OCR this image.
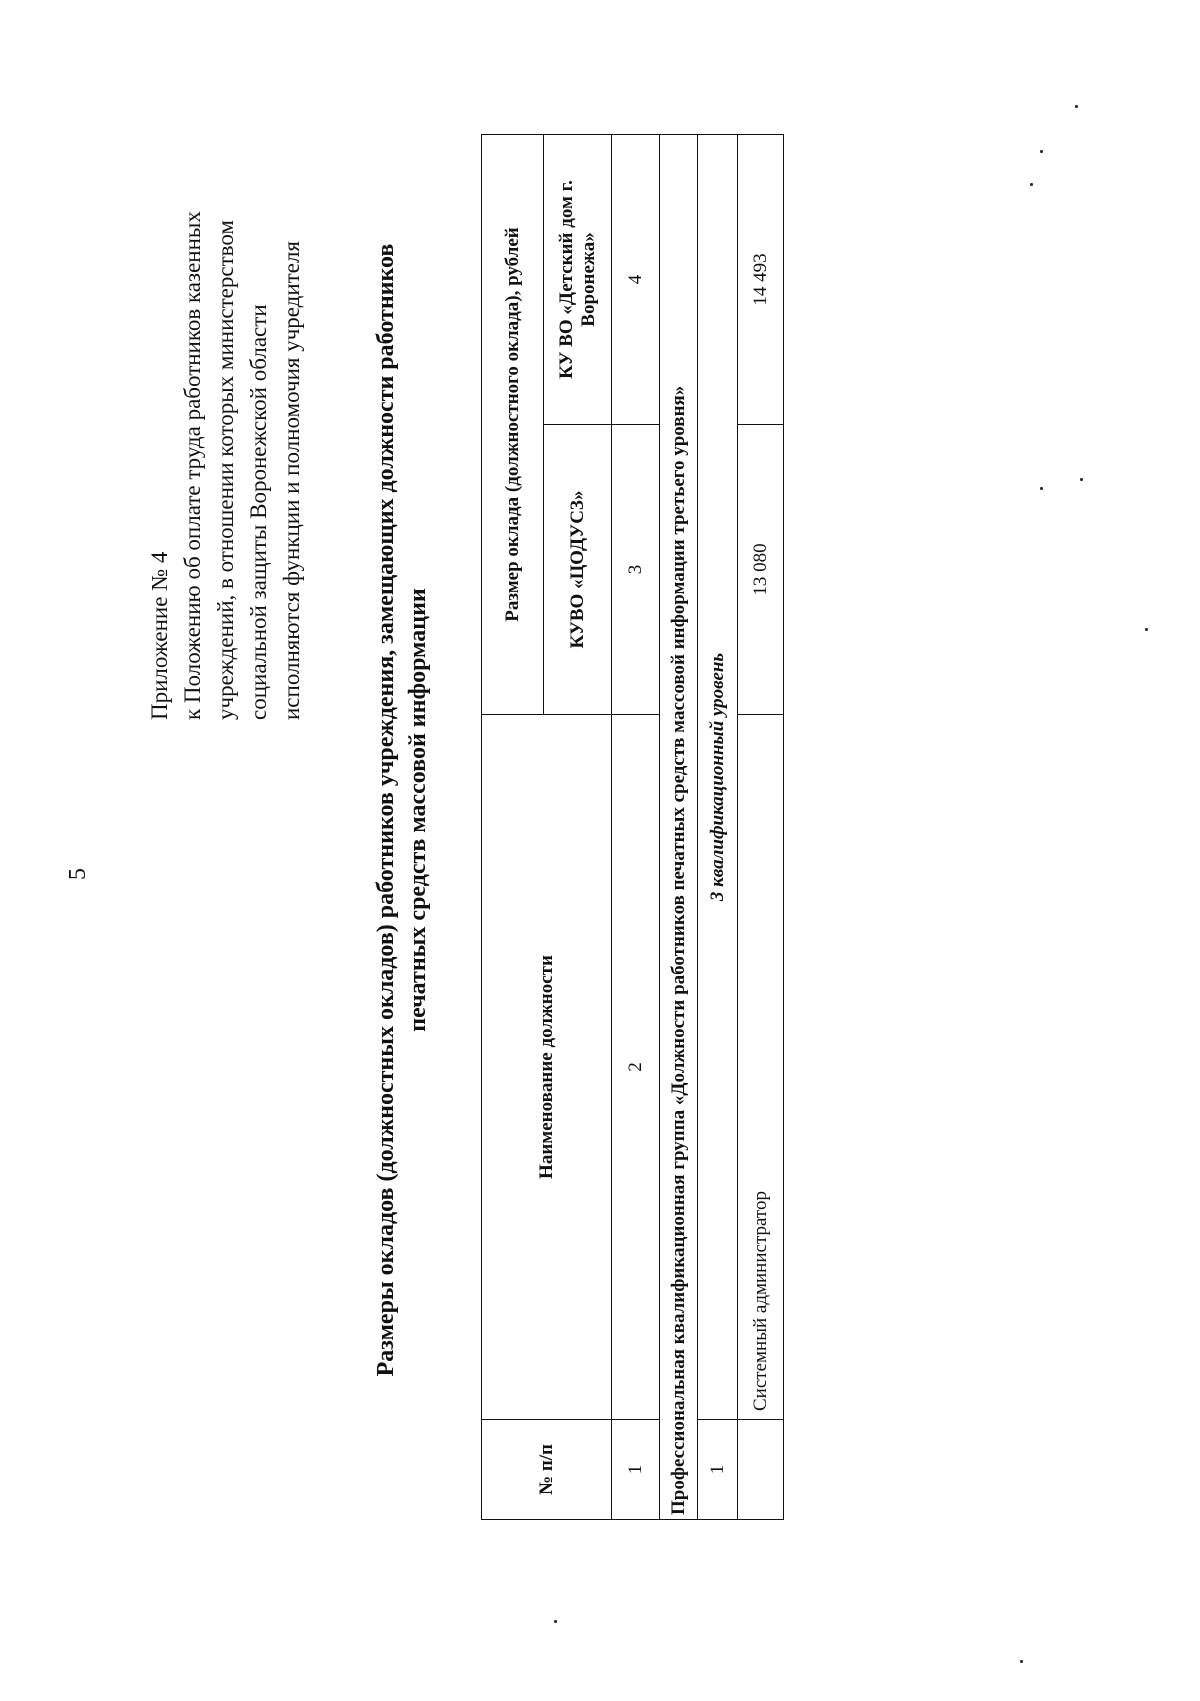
5
Приложение № 4 к Положению об оплате труда работников казенных учреждений, в отношении которых министерством социальной защиты Воронежской области исполняются функции и полномочия учредителя	Размеры окладов (должностных окладов) работников учреждения, замещающих должности работников печатных средств массовой информации
№ п/п	Наименование должности	Размер оклада (должностного оклада), рублей	
		КУВО «ЦОДУСЗ»	КУ ВО «Детский дом г. Воронежа»
1	2	3	4
Профессиональная квалификационная группа «Должности работников печатных средств массовой информации третьего уровня»			
1	3 квалификационный уровень		
	Системный администратор	13 080	14 493
